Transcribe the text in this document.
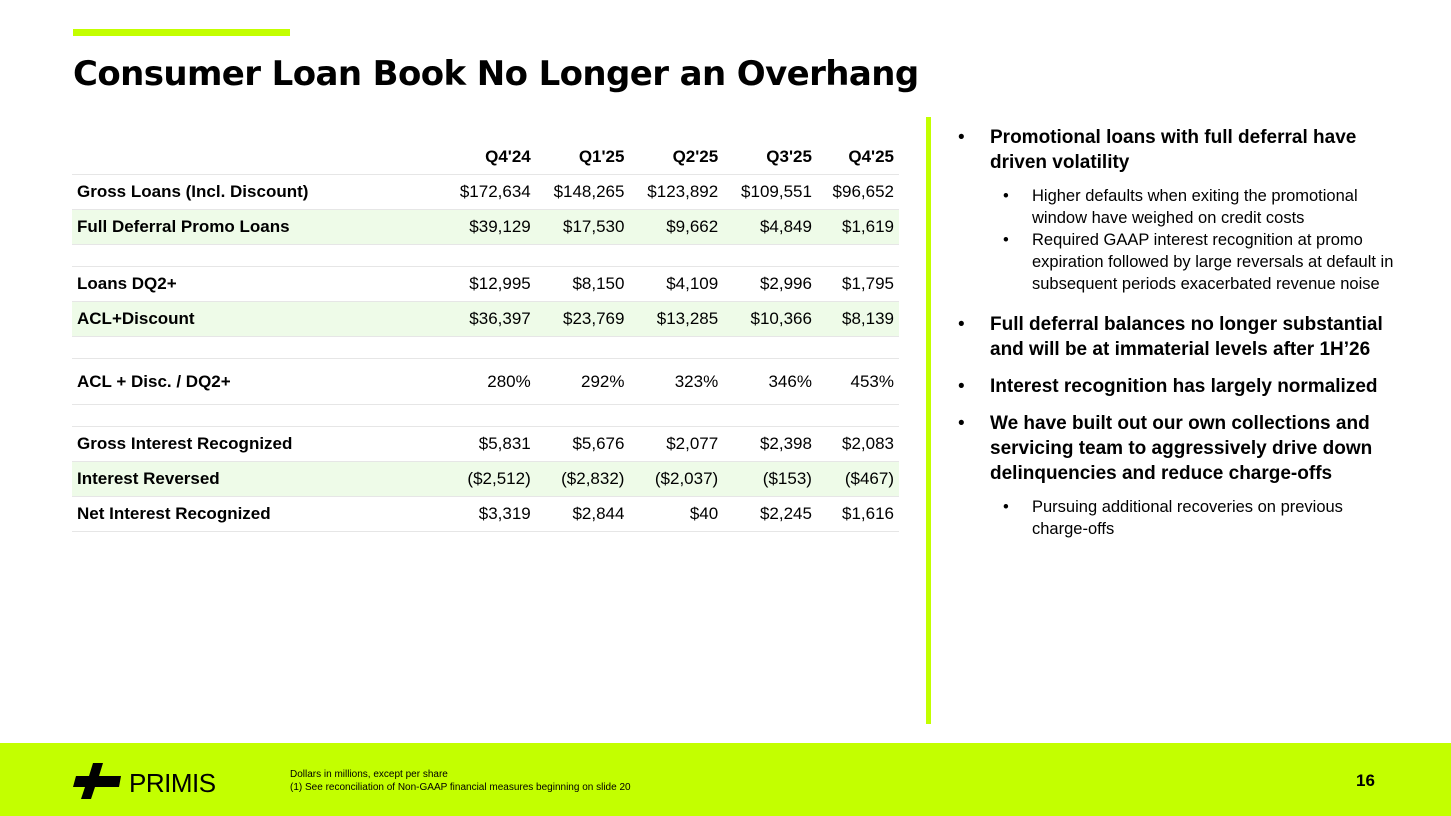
Consumer Loan Book No Longer an Overhang
	Q4'24	Q1'25	Q2'25	Q3'25	Q4'25
Gross Loans (Incl. Discount)	$172,634	$148,265	$123,892	$109,551	$96,652
Full Deferral Promo Loans	$39,129	$17,530	$9,662	$4,849	$1,619

Loans DQ2+	$12,995	$8,150	$4,109	$2,996	$1,795
ACL+Discount	$36,397	$23,769	$13,285	$10,366	$8,139

ACL + Disc. / DQ2+	280%	292%	323%	346%	453%

Gross Interest Recognized	$5,831	$5,676	$2,077	$2,398	$2,083
Interest Reversed	($2,512)	($2,832)	($2,037)	($153)	($467)
Net Interest Recognized	$3,319	$2,844	$40	$2,245	$1,616
• Promotional loans with full deferral have driven volatility
• Higher defaults when exiting the promotional window have weighed on credit costs
• Required GAAP interest recognition at promo expiration followed by large reversals at default in subsequent periods exacerbated revenue noise
• Full deferral balances no longer substantial and will be at immaterial levels after 1H’26
• Interest recognition has largely normalized
• We have built out our own collections and servicing team to aggressively drive down delinquencies and reduce charge-offs
• Pursuing additional recoveries on previous charge-offs
PRIMIS	Dollars in millions, except per share
(1) See reconciliation of Non-GAAP financial measures beginning on slide 20	16
